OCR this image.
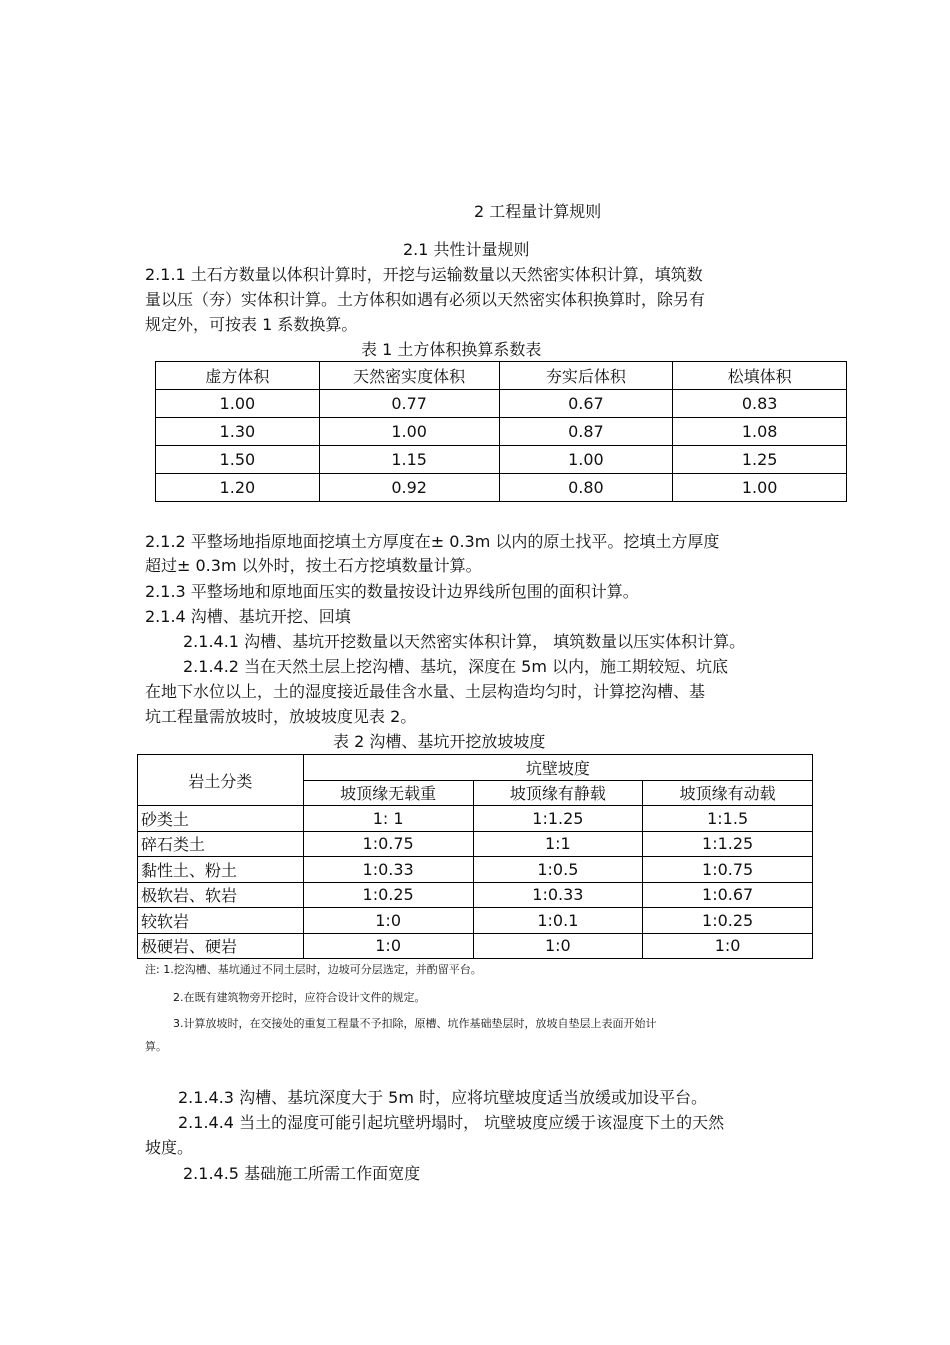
2 工程量计算规则
2.1 共性计量规则
2.1.1 土石方数量以体积计算时，开挖与运输数量以天然密实体积计算，填筑数
量以压（夯）实体积计算。土方体积如遇有必须以天然密实体积换算时，除另有
规定外，可按表 1 系数换算。
表 1 土方体积换算系数表
虚方体积	天然密实度体积	夯实后体积	松填体积
1.00	0.77	0.67	0.83
1.30	1.00	0.87	1.08
1.50	1.15	1.00	1.25
1.20	0.92	0.80	1.00
2.1.2 平整场地指原地面挖填土方厚度在± 0.3m 以内的原土找平。挖填土方厚度
超过± 0.3m 以外时，按土石方挖填数量计算。
2.1.3 平整场地和原地面压实的数量按设计边界线所包围的面积计算。
2.1.4 沟槽、基坑开挖、回填
2.1.4.1 沟槽、基坑开挖数量以天然密实体积计算， 填筑数量以压实体积计算。
2.1.4.2 当在天然土层上挖沟槽、基坑，深度在 5m 以内，施工期较短、坑底
在地下水位以上，土的湿度接近最佳含水量、土层构造均匀时，计算挖沟槽、基
坑工程量需放坡时，放坡坡度见表 2。
表 2 沟槽、基坑开挖放坡坡度
岩土分类	坑壁坡度		
	坡顶缘无载重	坡顶缘有静载	坡顶缘有动载
砂类土	1: 1	1:1.25	1:1.5
碎石类土	1:0.75	1:1	1:1.25
黏性土、粉土	1:0.33	1:0.5	1:0.75
极软岩、软岩	1:0.25	1:0.33	1:0.67
较软岩	1:0	1:0.1	1:0.25
极硬岩、硬岩	1:0	1:0	1:0
注: 1.挖沟槽、基坑通过不同土层时，边坡可分层选定，并酌留平台。
2.在既有建筑物旁开挖时，应符合设计文件的规定。
3.计算放坡时，在交接处的重复工程量不予扣除，原槽、坑作基础垫层时，放坡自垫层上表面开始计
算。
2.1.4.3 沟槽、基坑深度大于 5m 时，应将坑壁坡度适当放缓或加设平台。
2.1.4.4 当土的湿度可能引起坑壁坍塌时， 坑壁坡度应缓于该湿度下土的天然
坡度。
2.1.4.5 基础施工所需工作面宽度
